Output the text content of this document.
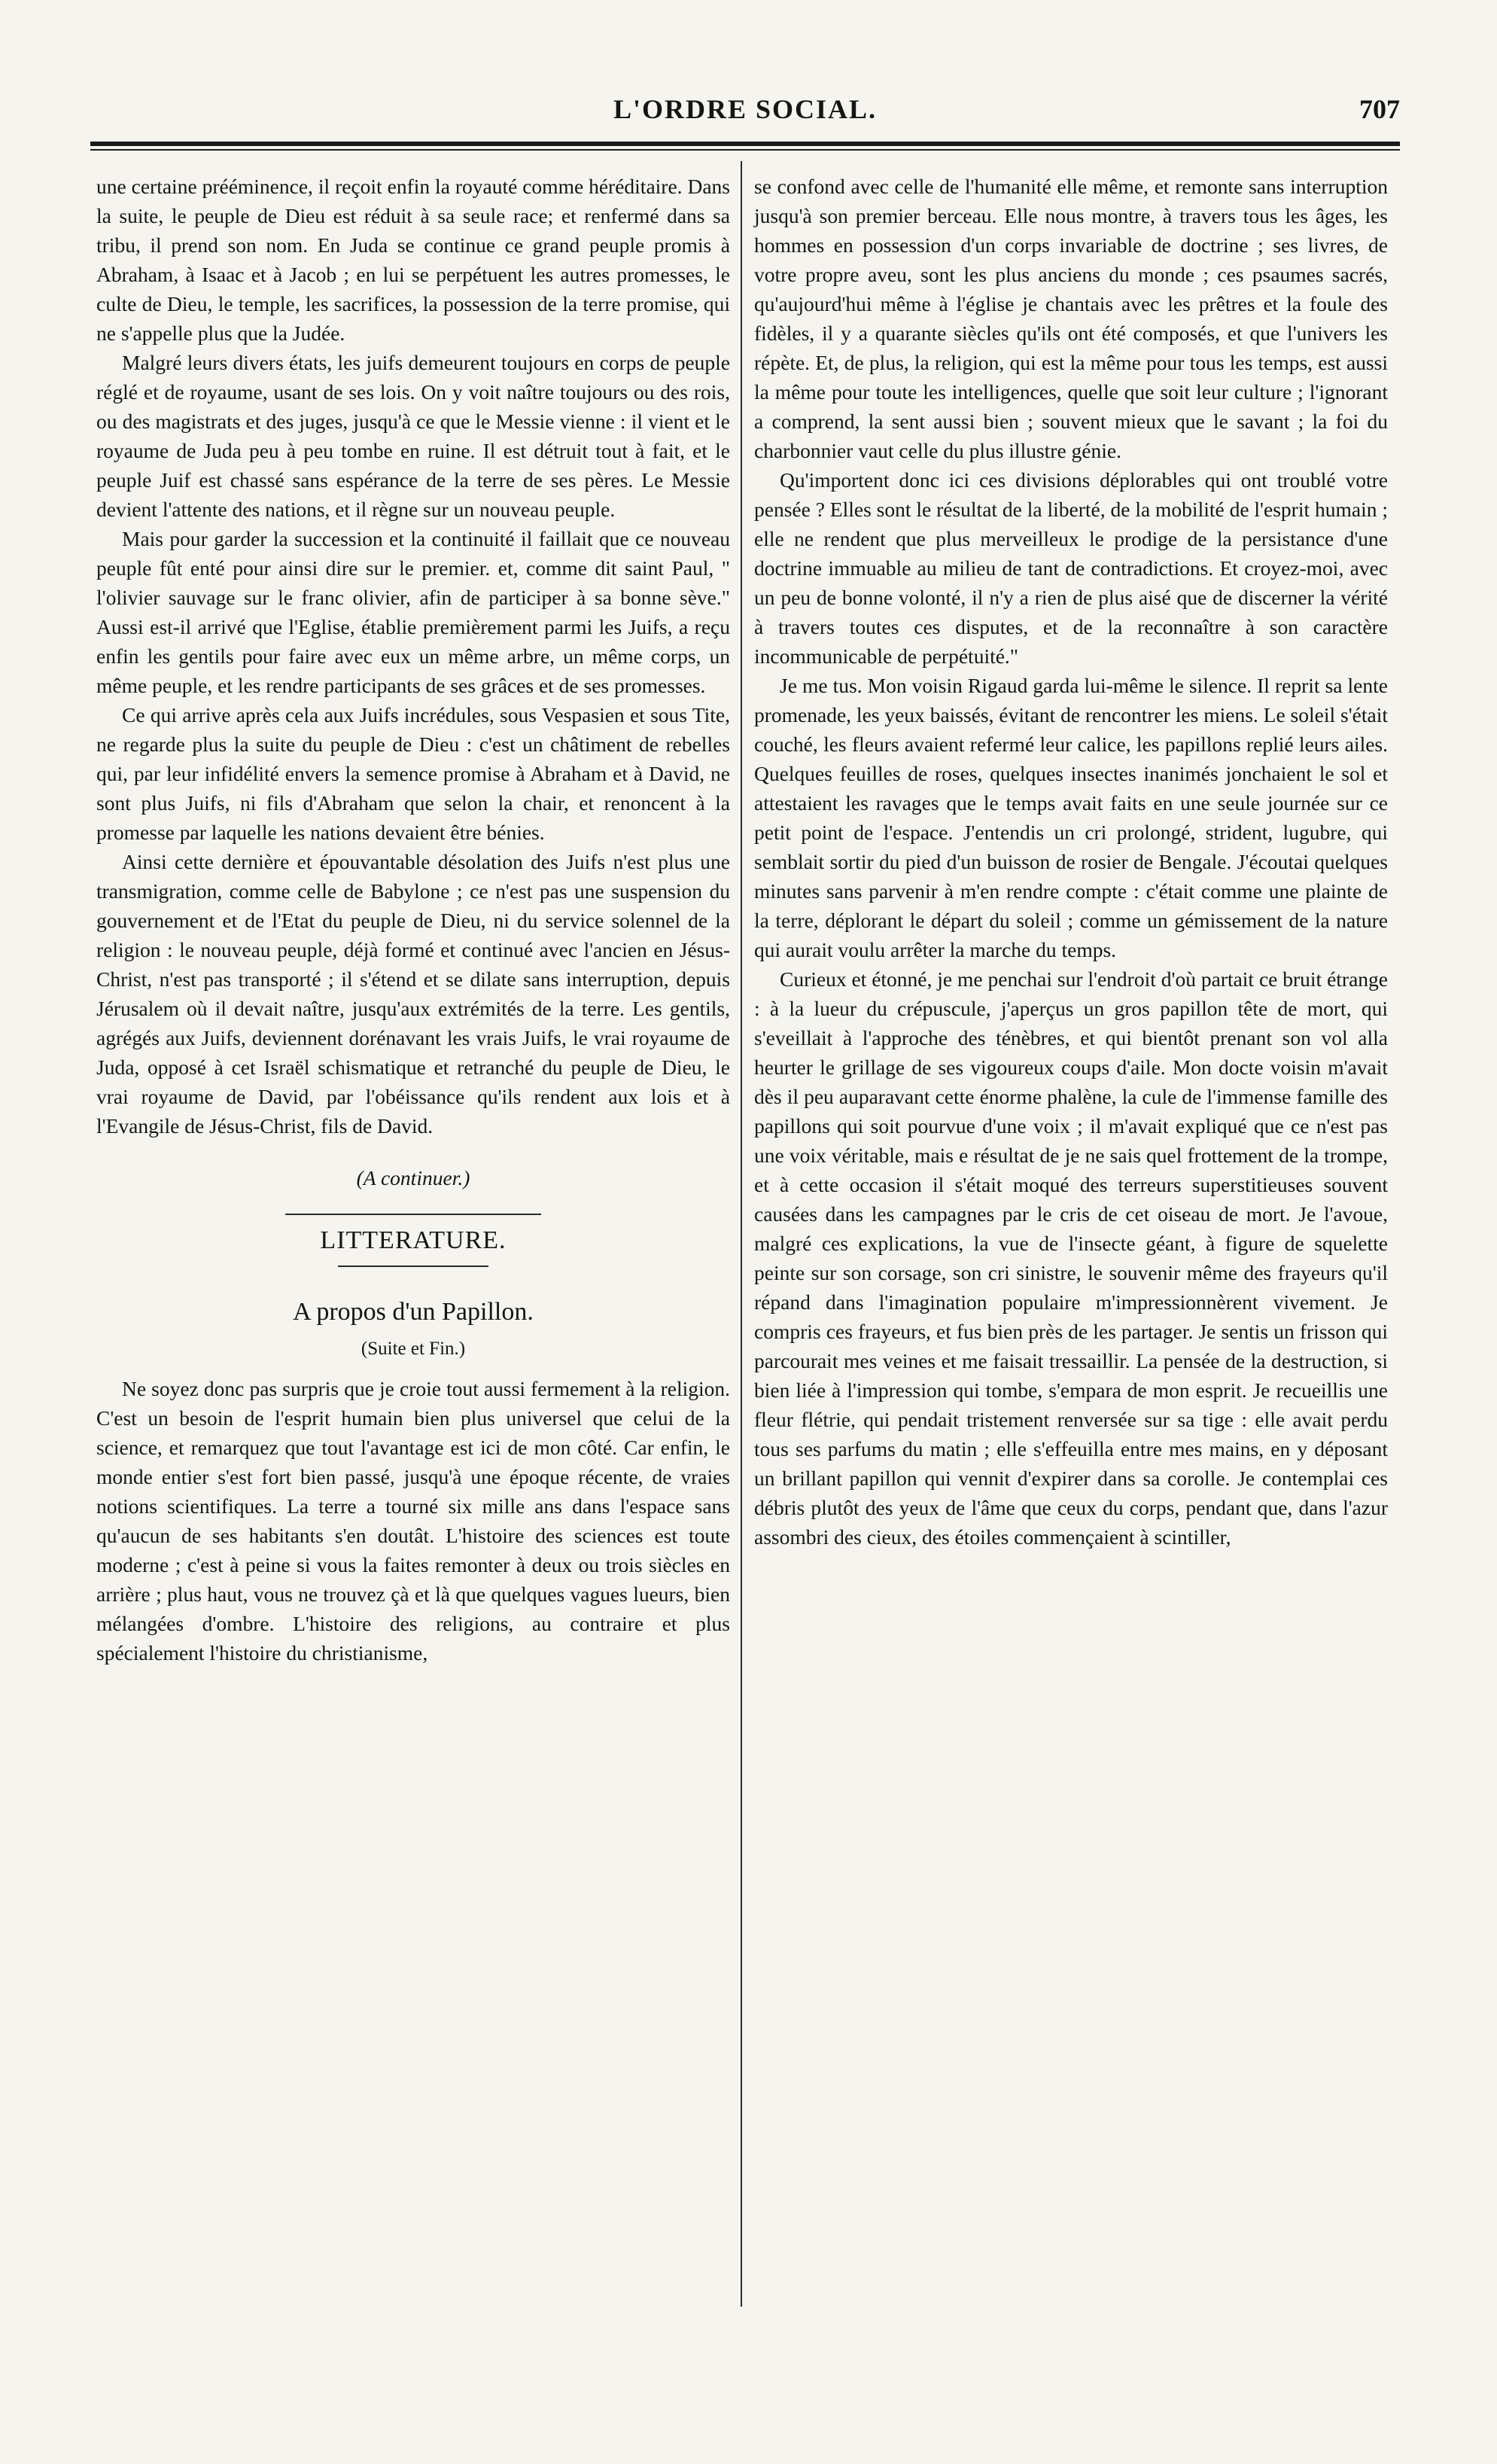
L'ORDRE SOCIAL.	707

une certaine prééminence, il reçoit enfin la royauté comme héréditaire. Dans la suite, le peuple de Dieu est réduit à sa seule race; et renfermé dans sa tribu, il prend son nom. En Juda se continue ce grand peuple promis à Abraham, à Isaac et à Jacob ; en lui se perpétuent les autres promesses, le culte de Dieu, le temple, les sacrifices, la possession de la terre promise, qui ne s'appelle plus que la Judée.

Malgré leurs divers états, les juifs demeurent toujours en corps de peuple réglé et de royaume, usant de ses lois. On y voit naître toujours ou des rois, ou des magistrats et des juges, jusqu'à ce que le Messie vienne : il vient et le royaume de Juda peu à peu tombe en ruine. Il est détruit tout à fait, et le peuple Juif est chassé sans espérance de la terre de ses pères. Le Messie devient l'attente des nations, et il règne sur un nouveau peuple.

Mais pour garder la succession et la continuité il faillait que ce nouveau peuple fût enté pour ainsi dire sur le premier. et, comme dit saint Paul, " l'olivier sauvage sur le franc olivier, afin de participer à sa bonne sève." Aussi est-il arrivé que l'Eglise, établie premièrement parmi les Juifs, a reçu enfin les gentils pour faire avec eux un même arbre, un même corps, un même peuple, et les rendre participants de ses grâces et de ses promesses.

Ce qui arrive après cela aux Juifs incrédules, sous Vespasien et sous Tite, ne regarde plus la suite du peuple de Dieu : c'est un châtiment de rebelles qui, par leur infidélité envers la semence promise à Abraham et à David, ne sont plus Juifs, ni fils d'Abraham que selon la chair, et renoncent à la promesse par laquelle les nations devaient être bénies.

Ainsi cette dernière et épouvantable désolation des Juifs n'est plus une transmigration, comme celle de Babylone ; ce n'est pas une suspension du gouvernement et de l'Etat du peuple de Dieu, ni du service solennel de la religion : le nouveau peuple, déjà formé et continué avec l'ancien en Jésus-Christ, n'est pas transporté ; il s'étend et se dilate sans interruption, depuis Jérusalem où il devait naître, jusqu'aux extrémités de la terre. Les gentils, agrégés aux Juifs, deviennent dorénavant les vrais Juifs, le vrai royaume de Juda, opposé à cet Israël schismatique et retranché du peuple de Dieu, le vrai royaume de David, par l'obéissance qu'ils rendent aux lois et à l'Evangile de Jésus-Christ, fils de David.

(A continuer.)
LITTERATURE.
A propos d'un Papillon.
(Suite et Fin.)

Ne soyez donc pas surpris que je croie tout aussi fermement à la religion. C'est un besoin de l'esprit humain bien plus universel que celui de la science, et remarquez que tout l'avantage est ici de mon côté. Car enfin, le monde entier s'est fort bien passé, jusqu'à une époque récente, de vraies notions scientifiques. La terre a tourné six mille ans dans l'espace sans qu'aucun de ses habitants s'en doutât. L'histoire des sciences est toute moderne ; c'est à peine si vous la faites remonter à deux ou trois siècles en arrière ; plus haut, vous ne trouvez çà et là que quelques vagues lueurs, bien mélangées d'ombre. L'histoire des religions, au contraire et plus spécialement l'histoire du christianisme,

se confond avec celle de l'humanité elle même, et remonte sans interruption jusqu'à son premier berceau. Elle nous montre, à travers tous les âges, les hommes en possession d'un corps invariable de doctrine ; ses livres, de votre propre aveu, sont les plus anciens du monde ; ces psaumes sacrés, qu'aujourd'hui même à l'église je chantais avec les prêtres et la foule des fidèles, il y a quarante siècles qu'ils ont été composés, et que l'univers les répète. Et, de plus, la religion, qui est la même pour tous les temps, est aussi la même pour toute les intelligences, quelle que soit leur culture ; l'ignorant a comprend, la sent aussi bien ; souvent mieux que le savant ; la foi du charbonnier vaut celle du plus illustre génie.

Qu'importent donc ici ces divisions déplorables qui ont troublé votre pensée ? Elles sont le résultat de la liberté, de la mobilité de l'esprit humain ; elle ne rendent que plus merveilleux le prodige de la persistance d'une doctrine immuable au milieu de tant de contradictions. Et croyez-moi, avec un peu de bonne volonté, il n'y a rien de plus aisé que de discerner la vérité à travers toutes ces disputes, et de la reconnaître à son caractère incommunicable de perpétuité."

Je me tus. Mon voisin Rigaud garda lui-même le silence. Il reprit sa lente promenade, les yeux baissés, évitant de rencontrer les miens. Le soleil s'était couché, les fleurs avaient refermé leur calice, les papillons replié leurs ailes. Quelques feuilles de roses, quelques insectes inanimés jonchaient le sol et attestaient les ravages que le temps avait faits en une seule journée sur ce petit point de l'espace. J'entendis un cri prolongé, strident, lugubre, qui semblait sortir du pied d'un buisson de rosier de Bengale. J'écoutai quelques minutes sans parvenir à m'en rendre compte : c'était comme une plainte de la terre, déplorant le départ du soleil ; comme un gémissement de la nature qui aurait voulu arrêter la marche du temps.

Curieux et étonné, je me penchai sur l'endroit d'où partait ce bruit étrange : à la lueur du crépuscule, j'aperçus un gros papillon tête de mort, qui s'eveillait à l'approche des ténèbres, et qui bientôt prenant son vol alla heurter le grillage de ses vigoureux coups d'aile. Mon docte voisin m'avait dès il peu auparavant cette énorme phalène, la cule de l'immense famille des papillons qui soit pourvue d'une voix ; il m'avait expliqué que ce n'est pas une voix véritable, mais e résultat de je ne sais quel frottement de la trompe, et à cette occasion il s'était moqué des terreurs superstitieuses souvent causées dans les campagnes par le cris de cet oiseau de mort. Je l'avoue, malgré ces explications, la vue de l'insecte géant, à figure de squelette peinte sur son corsage, son cri sinistre, le souvenir même des frayeurs qu'il répand dans l'imagination populaire m'impressionnèrent vivement. Je compris ces frayeurs, et fus bien près de les partager. Je sentis un frisson qui parcourait mes veines et me faisait tressaillir. La pensée de la destruction, si bien liée à l'impression qui tombe, s'empara de mon esprit. Je recueillis une fleur flétrie, qui pendait tristement renversée sur sa tige : elle avait perdu tous ses parfums du matin ; elle s'effeuilla entre mes mains, en y déposant un brillant papillon qui vennit d'expirer dans sa corolle. Je contemplai ces débris plutôt des yeux de l'âme que ceux du corps, pendant que, dans l'azur assombri des cieux, des étoiles commençaient à scintiller,
